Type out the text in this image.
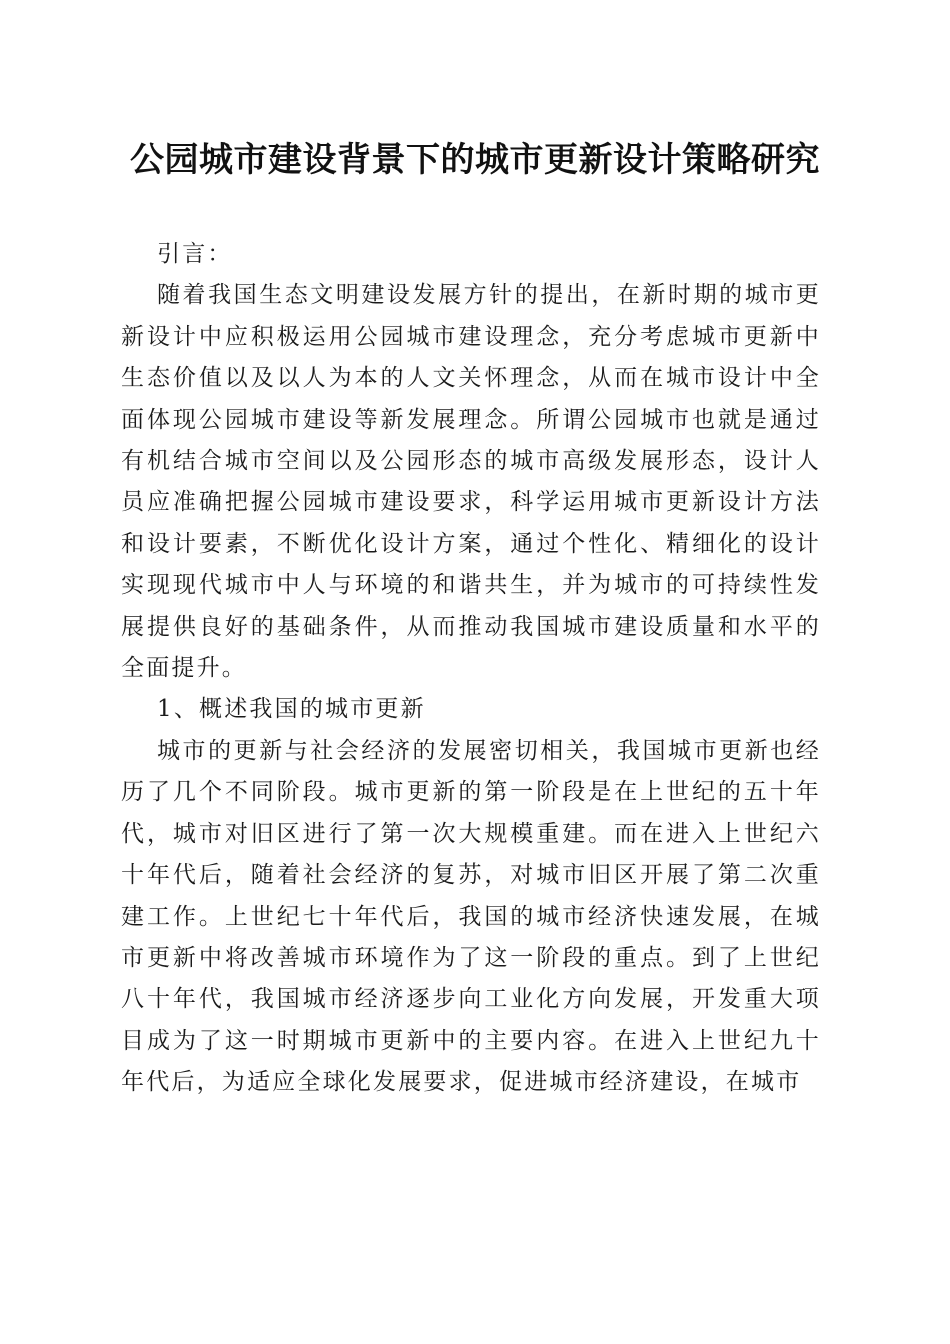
公园城市建设背景下的城市更新设计策略研究

引言：

随着我国生态文明建设发展方针的提出，在新时期的城市更新设计中应积极运用公园城市建设理念，充分考虑城市更新中生态价值以及以人为本的人文关怀理念，从而在城市设计中全面体现公园城市建设等新发展理念。所谓公园城市也就是通过有机结合城市空间以及公园形态的城市高级发展形态，设计人员应准确把握公园城市建设要求，科学运用城市更新设计方法和设计要素，不断优化设计方案，通过个性化、精细化的设计实现现代城市中人与环境的和谐共生，并为城市的可持续性发展提供良好的基础条件，从而推动我国城市建设质量和水平的全面提升。

1、概述我国的城市更新

城市的更新与社会经济的发展密切相关，我国城市更新也经历了几个不同阶段。城市更新的第一阶段是在上世纪的五十年代，城市对旧区进行了第一次大规模重建。而在进入上世纪六十年代后，随着社会经济的复苏，对城市旧区开展了第二次重建工作。上世纪七十年代后，我国的城市经济快速发展，在城市更新中将改善城市环境作为了这一阶段的重点。到了上世纪八十年代，我国城市经济逐步向工业化方向发展，开发重大项目成为了这一时期城市更新中的主要内容。在进入上世纪九十年代后，为适应全球化发展要求，促进城市经济建设，在城市
